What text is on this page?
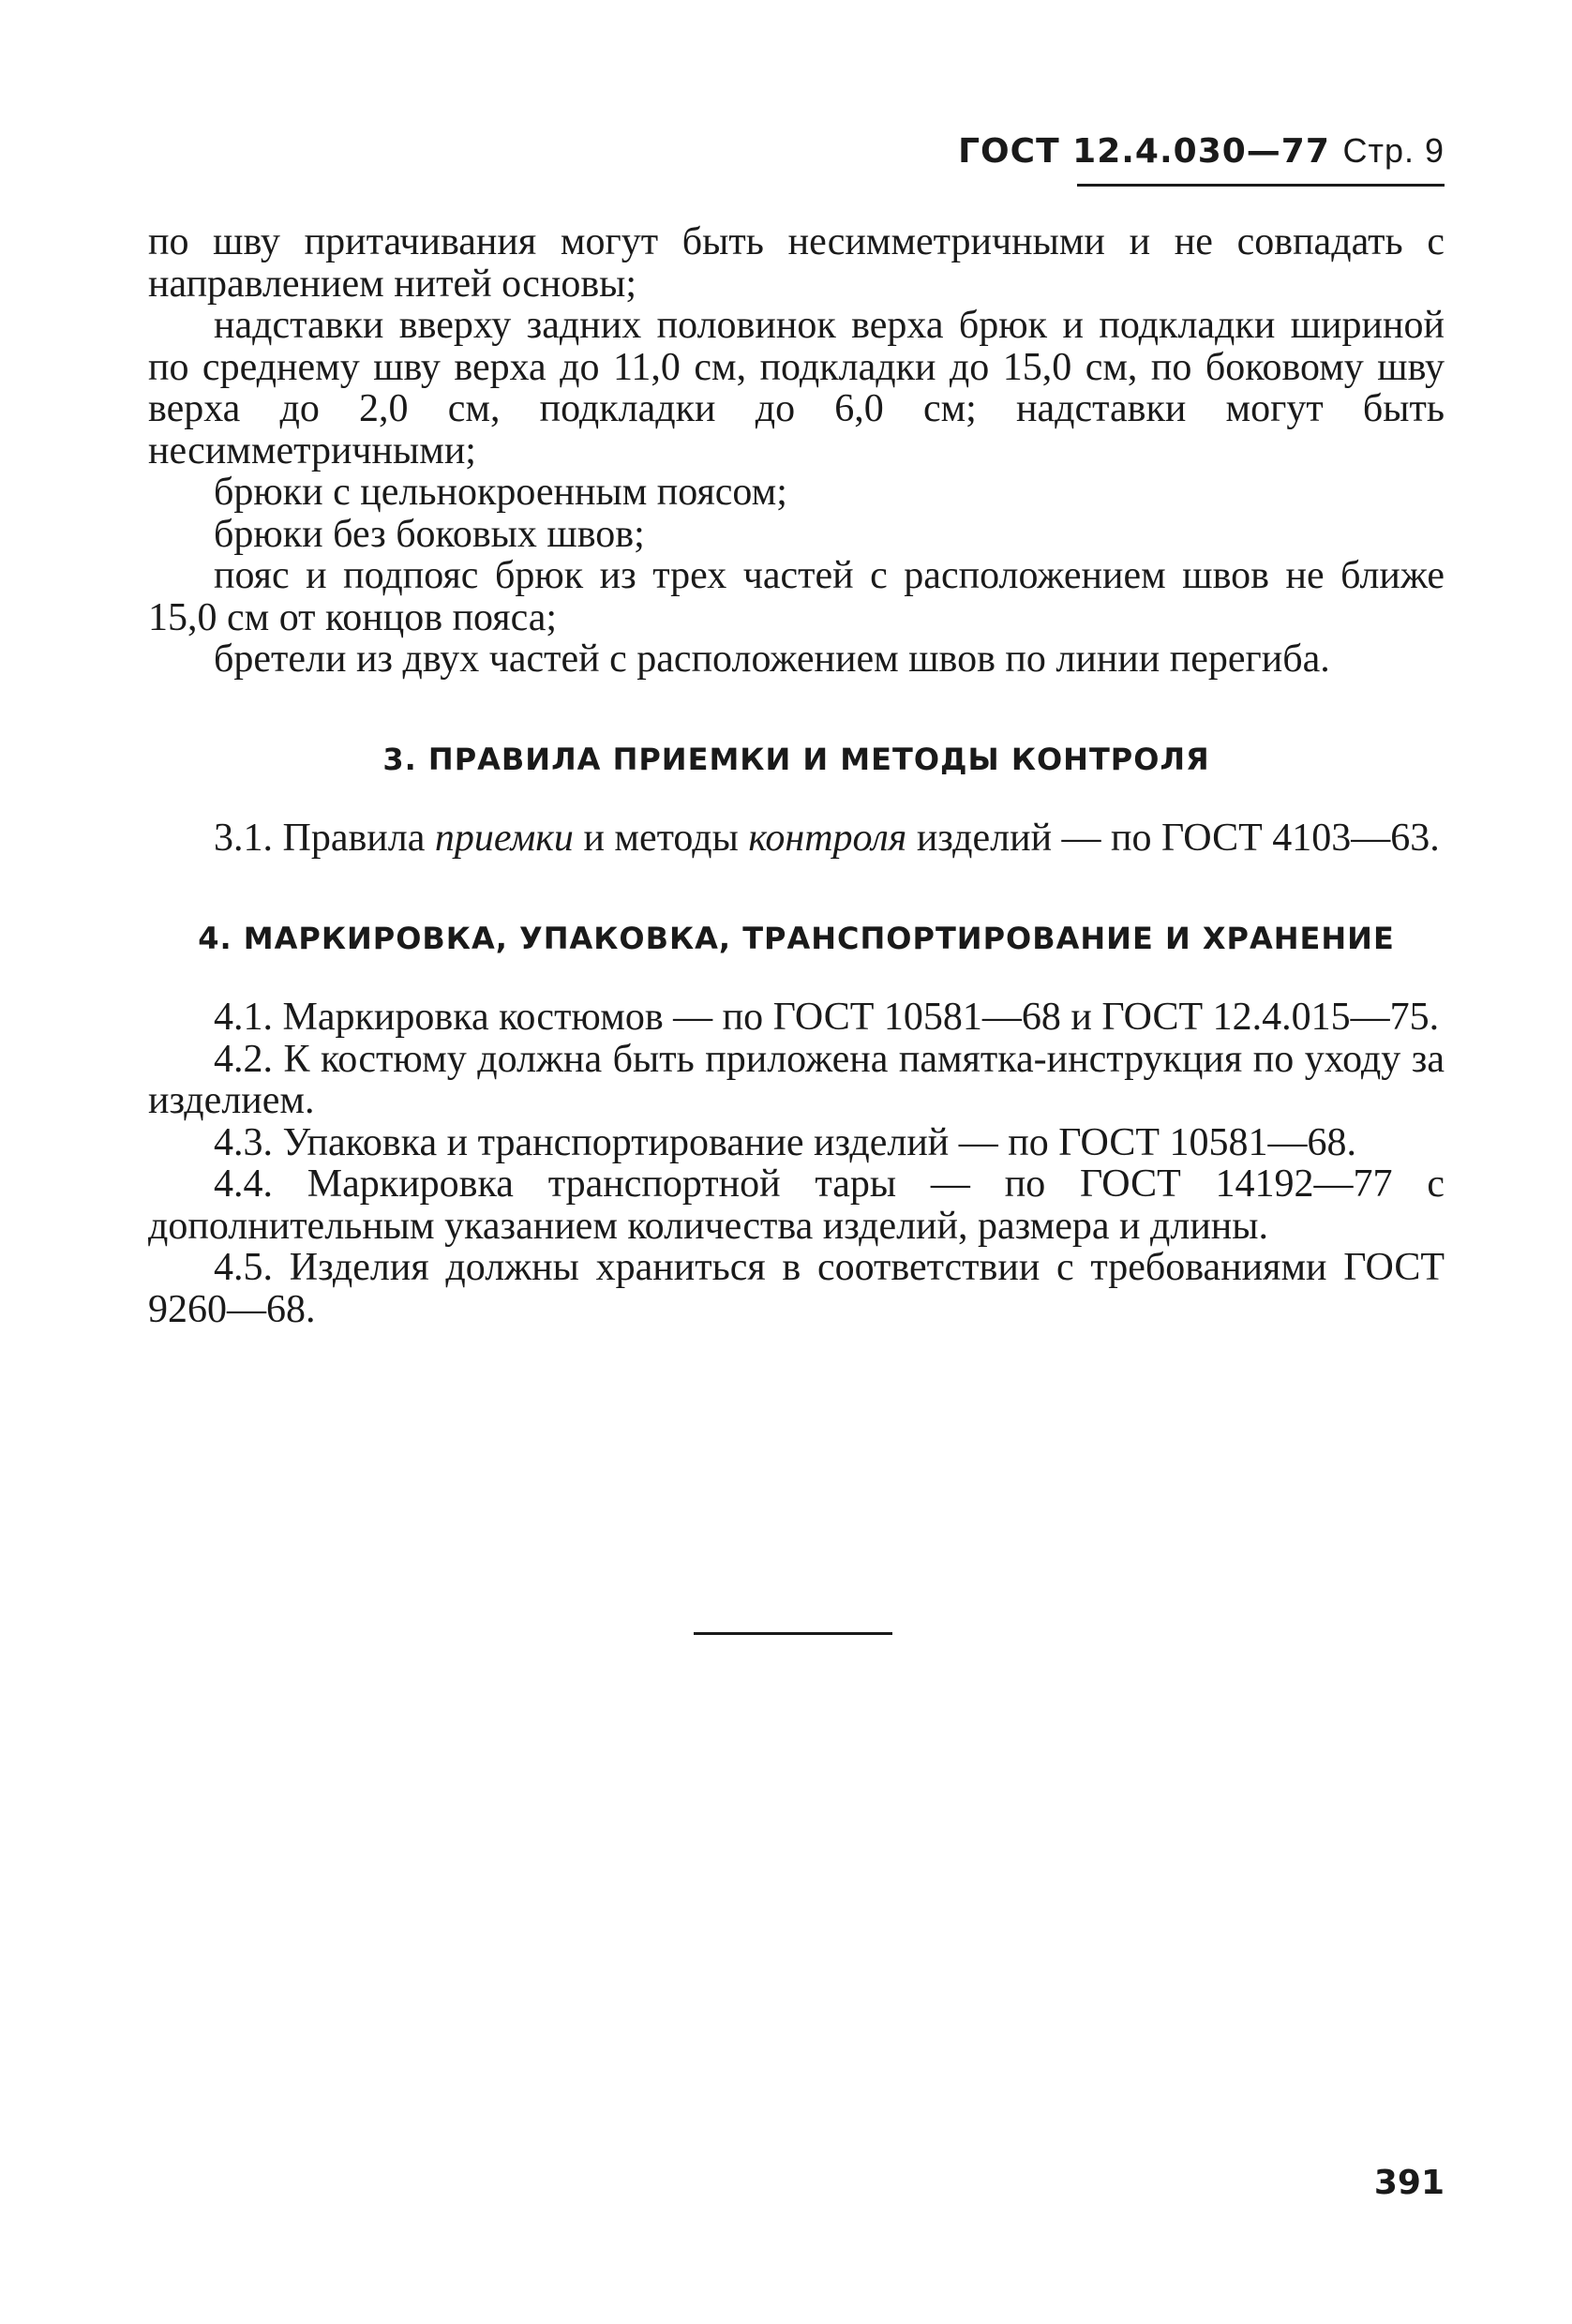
ГОСТ 12.4.030—77 Стр. 9

по шву притачивания могут быть несимметричными и не совпадать с направлением нитей основы;

надставки вверху задних половинок верха брюк и подкладки шириной по среднему шву верха до 11,0 см, подкладки до 15,0 см, по боковому шву верха до 2,0 см, подкладки до 6,0 см; надставки могут быть несимметричными;

брюки с цельнокроенным поясом;

брюки без боковых швов;

пояс и подпояс брюк из трех частей с расположением швов не ближе 15,0 см от концов пояса;

бретели из двух частей с расположением швов по линии перегиба.

3. ПРАВИЛА ПРИЕМКИ И МЕТОДЫ КОНТРОЛЯ

3.1. Правила приемки и методы контроля изделий — по ГОСТ 4103—63.

4. МАРКИРОВКА, УПАКОВКА, ТРАНСПОРТИРОВАНИЕ И ХРАНЕНИЕ

4.1. Маркировка костюмов — по ГОСТ 10581—68 и ГОСТ 12.4.015—75.

4.2. К костюму должна быть приложена памятка-инструкция по уходу за изделием.

4.3. Упаковка и транспортирование изделий — по ГОСТ 10581—68.

4.4. Маркировка транспортной тары — по ГОСТ 14192—77 с дополнительным указанием количества изделий, размера и длины.

4.5. Изделия должны храниться в соответствии с требованиями ГОСТ 9260—68.

391
